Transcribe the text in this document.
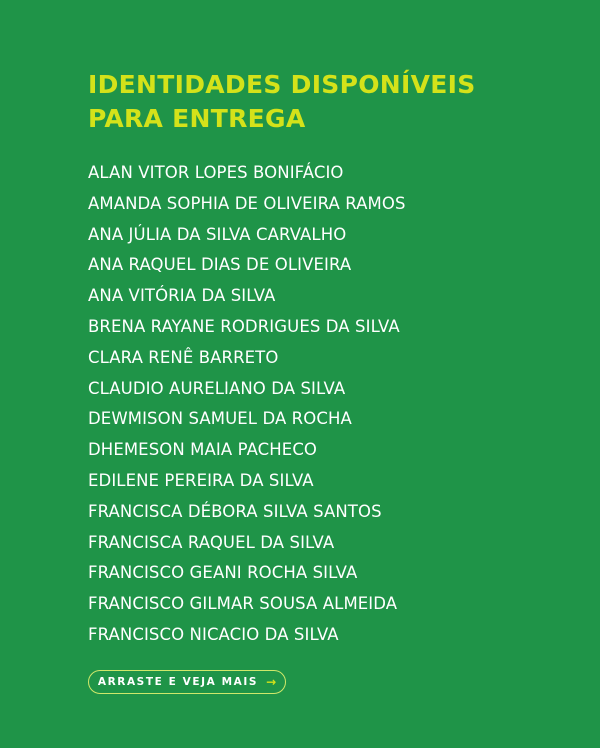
IDENTIDADES DISPONÍVEIS
PARA ENTREGA
ALAN VITOR LOPES BONIFÁCIO
AMANDA SOPHIA DE OLIVEIRA RAMOS
ANA JÚLIA DA SILVA CARVALHO
ANA RAQUEL DIAS DE OLIVEIRA
ANA VITÓRIA DA SILVA
BRENA RAYANE RODRIGUES DA SILVA
CLARA RENÊ BARRETO
CLAUDIO AURELIANO DA SILVA
DEWMISON SAMUEL DA ROCHA
DHEMESON MAIA PACHECO
EDILENE PEREIRA DA SILVA
FRANCISCA DÉBORA SILVA SANTOS
FRANCISCA RAQUEL DA SILVA
FRANCISCO GEANI ROCHA SILVA
FRANCISCO GILMAR SOUSA ALMEIDA
FRANCISCO NICACIO DA SILVA
ARRASTE E VEJA MAIS →
